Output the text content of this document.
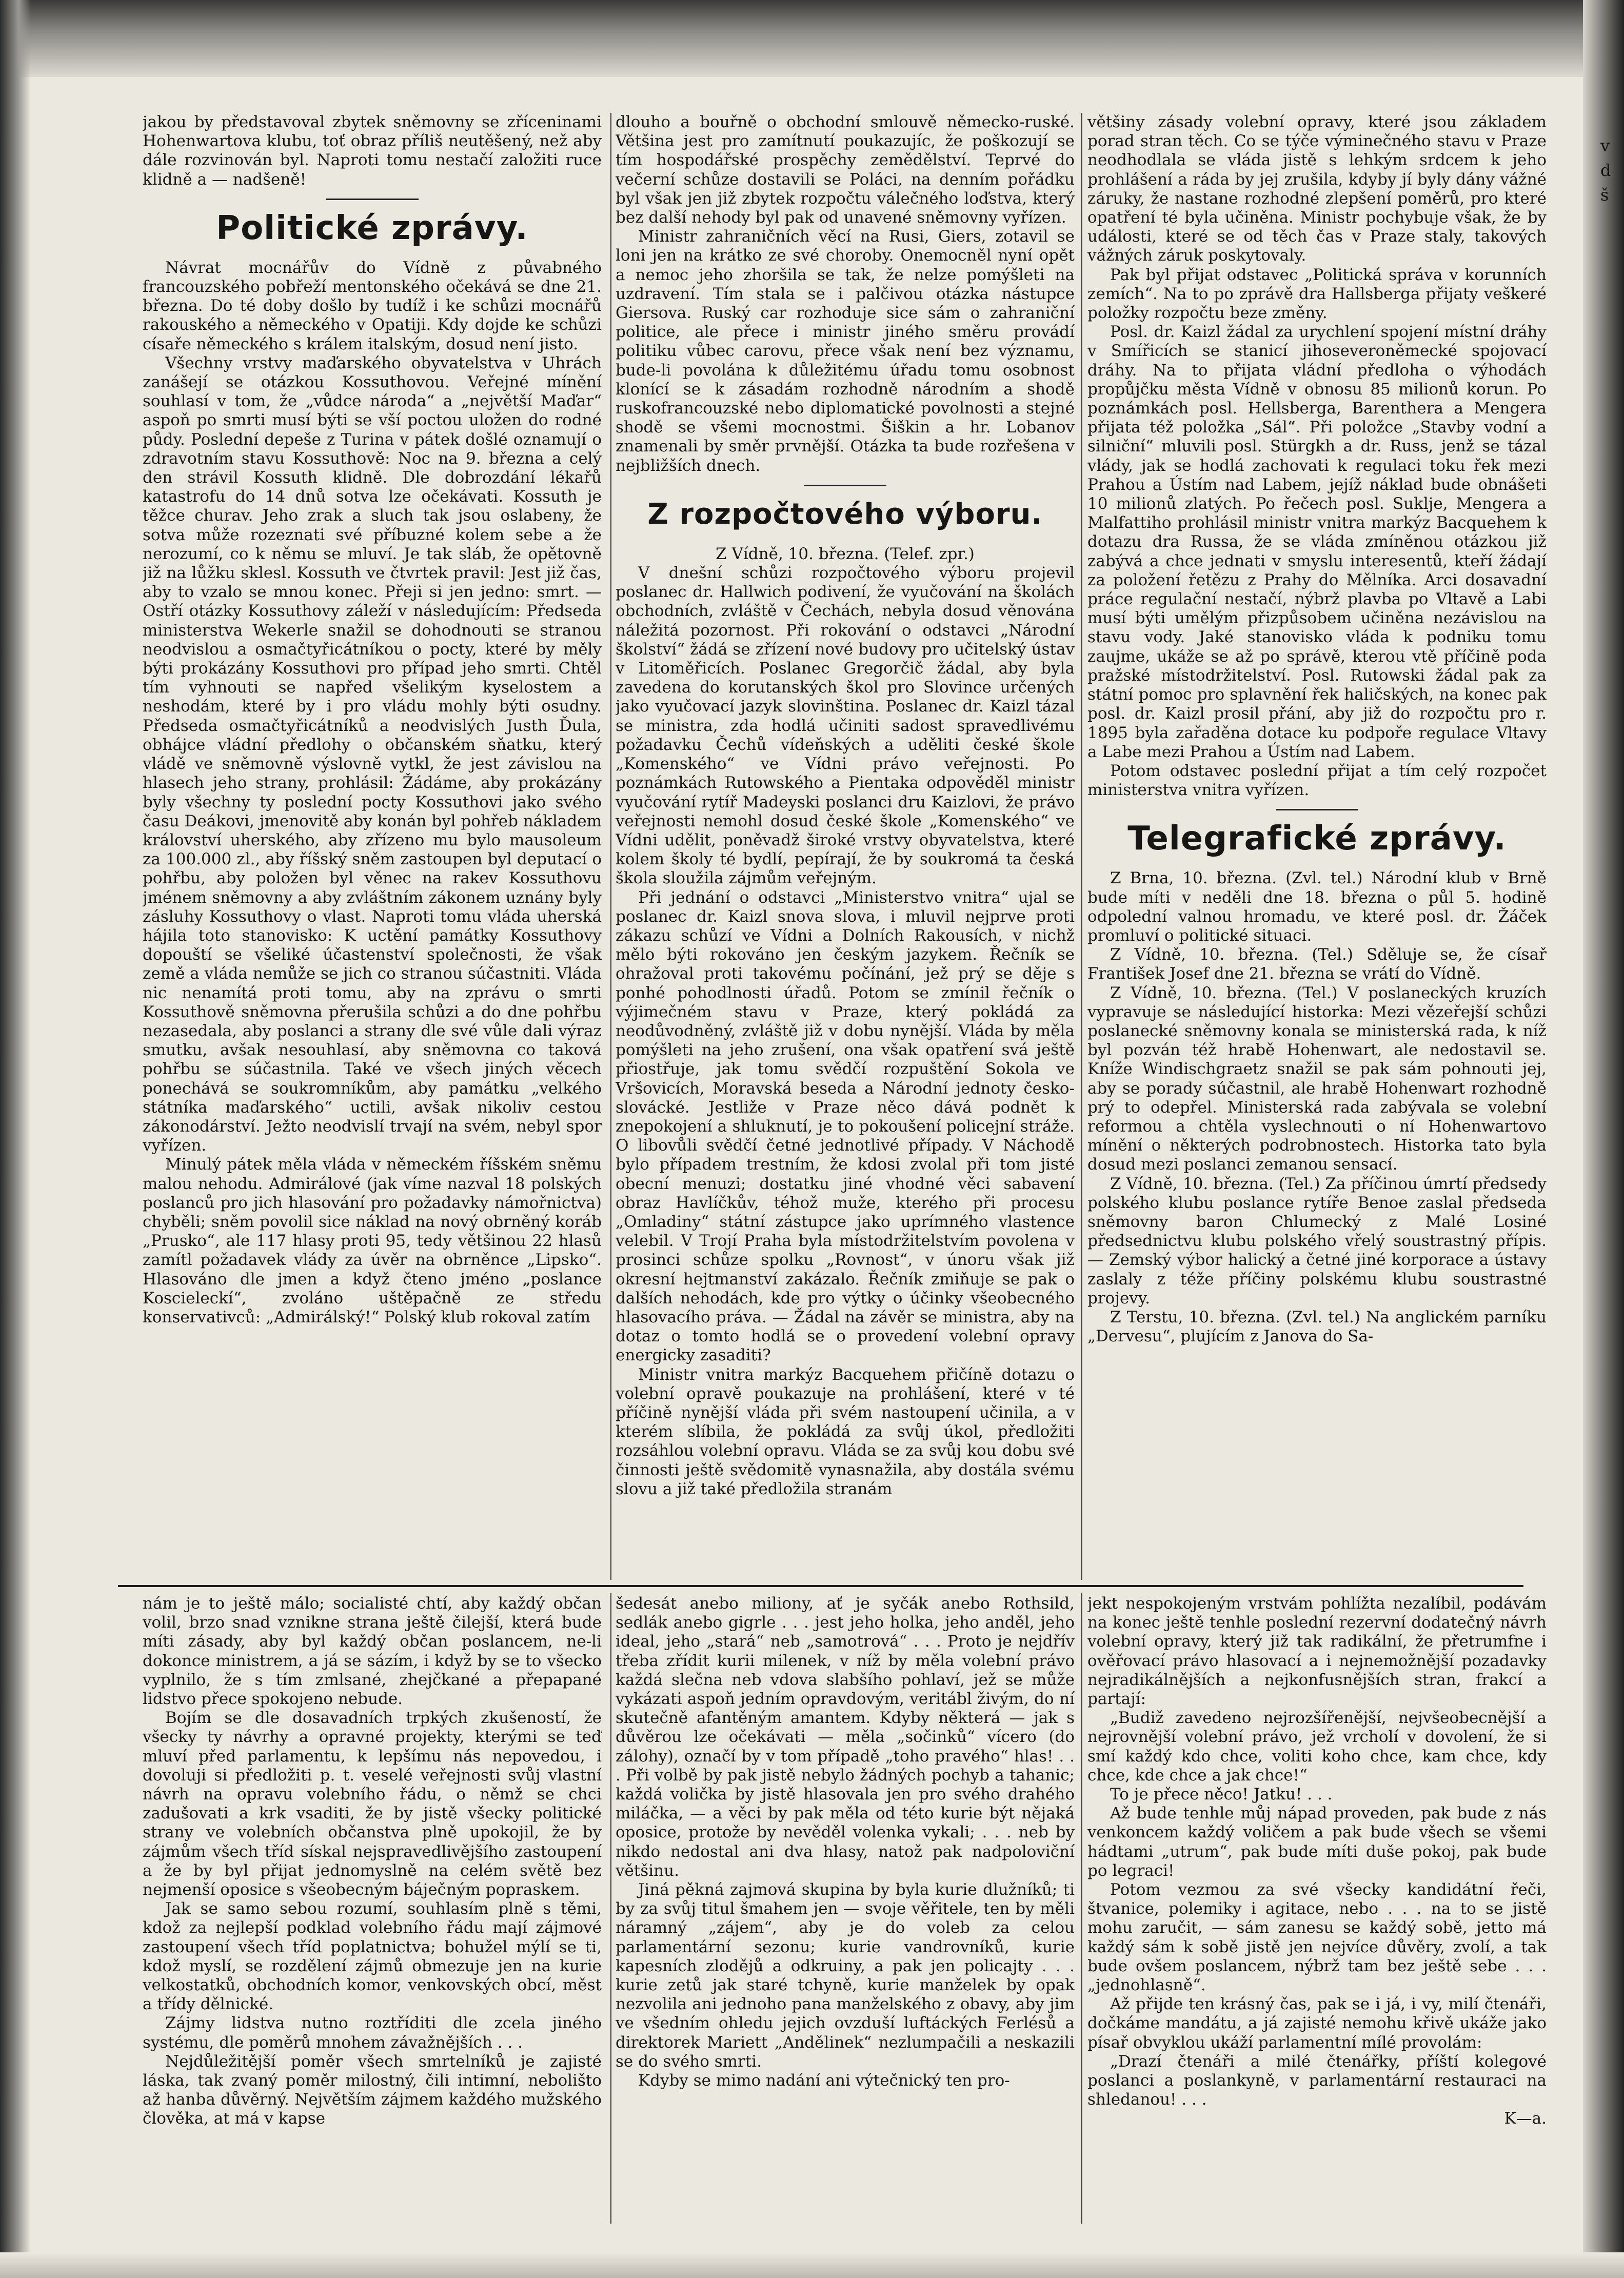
jakou by představoval zbytek sněmovny se zříceninami Hohenwartova klubu, toť obraz příliš neutěšený, než aby dále rozvinován byl. Naproti tomu nestačí založiti ruce klidně a — nadšeně!

Politické zprávy.

Návrat mocnářův do Vídně z půvabného francouzského pobřeží mentonského očekává se dne 21. března. Do té doby došlo by tudíž i ke schůzi mocnářů rakouského a německého v Opatiji. Kdy dojde ke schůzi císaře německého s králem italským, dosud není jisto.

Všechny vrstvy maďarského obyvatelstva v Uhrách zanášejí se otázkou Kossuthovou. Veřejné mínění souhlasí v tom, že „vůdce národa“ a „největší Maďar“ aspoň po smrti musí býti se vší poctou uložen do rodné půdy. Poslední depeše z Turina v pátek došlé oznamují o zdravotním stavu Kossuthově: Noc na 9. března a celý den strávil Kossuth klidně. Dle dobrozdání lékařů katastrofu do 14 dnů sotva lze očekávati. Kossuth je těžce churav. Jeho zrak a sluch tak jsou oslabeny, že sotva může rozeznati své příbuzné kolem sebe a že nerozumí, co k němu se mluví. Je tak sláb, že opětovně již na lůžku sklesl. Kossuth ve čtvrtek pravil: Jest již čas, aby to vzalo se mnou konec. Přeji si jen jedno: smrt. — Ostří otázky Kossuthovy záleží v následujícím: Předseda ministerstva Wekerle snažil se dohodnouti se stranou neodvislou a osmačtyřicátníkou o pocty, které by měly býti prokázány Kossuthovi pro případ jeho smrti. Chtěl tím vyhnouti se napřed všelikým kyselostem a neshodám, které by i pro vládu mohly býti osudny. Předseda osmačtyřicátníků a neodvislých Justh Ďula, obhájce vládní předlohy o občanském sňatku, který vládě ve sněmovně výslovně vytkl, že jest závislou na hlasech jeho strany, prohlásil: Žádáme, aby prokázány byly všechny ty poslední pocty Kossuthovi jako svého času Deákovi, jmenovitě aby konán byl pohřeb nákladem království uherského, aby zřízeno mu bylo mausoleum za 100.000 zl., aby říšský sněm zastoupen byl deputací o pohřbu, aby položen byl věnec na rakev Kossuthovu jménem sněmovny a aby zvláštním zákonem uznány byly zásluhy Kossuthovy o vlast. Naproti tomu vláda uherská hájila toto stanovisko: K uctění památky Kossuthovy dopouští se všeliké účastenství společnosti, že však země a vláda nemůže se jich co stranou súčastniti. Vláda nic nenamítá proti tomu, aby na zprávu o smrti Kossuthově sněmovna přerušila schůzi a do dne pohřbu nezasedala, aby poslanci a strany dle své vůle dali výraz smutku, avšak nesouhlasí, aby sněmovna co taková pohřbu se súčastnila. Také ve všech jiných věcech ponechává se soukromníkům, aby památku „velkého státníka maďarského“ uctili, avšak nikoliv cestou zákonodárství. Ježto neodvislí trvají na svém, nebyl spor vyřízen.

Minulý pátek měla vláda v německém říšském sněmu malou nehodu. Admirálové (jak víme nazval 18 polských poslanců pro jich hlasování pro požadavky námořnictva) chyběli; sněm povolil sice náklad na nový obrněný koráb „Prusko“, ale 117 hlasy proti 95, tedy většinou 22 hlasů zamítl požadavek vlády za úvěr na obrněnce „Lipsko“. Hlasováno dle jmen a když čteno jméno „poslance Koscieleckí“, zvoláno uštěpačně ze středu konservativců: „Admirálský!“ Polský klub rokoval zatím

dlouho a bouřně o obchodní smlouvě německo-ruské. Většina jest pro zamítnutí poukazujíc, že poškozují se tím hospodářské prospěchy zemědělství. Teprvé do večerní schůze dostavili se Poláci, na denním pořádku byl však jen již zbytek rozpočtu válečného loďstva, který bez další nehody byl pak od unavené sněmovny vyřízen.

Ministr zahraničních věcí na Rusi, Giers, zotavil se loni jen na krátko ze své choroby. Onemocněl nyní opět a nemoc jeho zhoršila se tak, že nelze pomýšleti na uzdravení. Tím stala se i palčivou otázka nástupce Giersova. Ruský car rozhoduje sice sám o zahraniční politice, ale přece i ministr jiného směru provádí politiku vůbec carovu, přece však není bez významu, bude-li povolána k důležitému úřadu tomu osobnost klonící se k zásadám rozhodně národním a shodě ruskofrancouzské nebo diplomatické povolnosti a stejné shodě se všemi mocnostmi. Šiškin a hr. Lobanov znamenali by směr prvnější. Otázka ta bude rozřešena v nejbližších dnech.

Z rozpočtového výboru.

Z Vídně, 10. března. (Telef. zpr.)

V dnešní schůzi rozpočtového výboru projevil poslanec dr. Hallwich podivení, že vyučování na školách obchodních, zvláště v Čechách, nebyla dosud věnována náležitá pozornost. Při rokování o odstavci „Národní školství“ žádá se zřízení nové budovy pro učitelský ústav v Litoměřicích. Poslanec Gregorčič žádal, aby byla zavedena do korutanských škol pro Slovince určených jako vyučovací jazyk slovinština. Poslanec dr. Kaizl tázal se ministra, zda hodlá učiniti sadost spravedlivému požadavku Čechů vídeňských a uděliti české škole „Komenského“ ve Vídni právo veřejnosti. Po poznámkách Rutowského a Pientaka odpověděl ministr vyučování rytíř Madeyski poslanci dru Kaizlovi, že právo veřejnosti nemohl dosud české škole „Komenského“ ve Vídni udělit, poněvadž široké vrstvy obyvatelstva, které kolem školy té bydlí, pepírají, že by soukromá ta česká škola sloužila zájmům veřejným.

Při jednání o odstavci „Ministerstvo vnitra“ ujal se poslanec dr. Kaizl snova slova, i mluvil nejprve proti zákazu schůzí ve Vídni a Dolních Rakousích, v nichž mělo býti rokováno jen českým jazykem. Řečník se ohražoval proti takovému počínání, jež prý se děje s ponhé pohodlnosti úřadů. Potom se zmínil řečník o výjimečném stavu v Praze, který pokládá za neodůvodněný, zvláště již v dobu nynější. Vláda by měla pomýšleti na jeho zrušení, ona však opatření svá ještě přiostřuje, jak tomu svědčí rozpuštění Sokola ve Vršovicích, Moravská beseda a Národní jednoty česko-slovácké. Jestliže v Praze něco dává podnět k znepokojení a shluknutí, je to pokoušení policejní stráže. O libovůli svědčí četné jednotlivé případy. V Náchodě bylo případem trestním, že kdosi zvolal při tom jisté obecní menuzi; dostatku jiné vhodné věci sabavení obraz Havlíčkův, téhož muže, kterého při procesu „Omladiny“ státní zástupce jako uprímného vlastence velebil. V Trojí Praha byla místodržitelstvím povolena v prosinci schůze spolku „Rovnost“, v únoru však již okresní hejtmanství zakázalo. Řečník zmiňuje se pak o dalších nehodách, kde pro výtky o účinky všeobecného hlasovacího práva. — Žádal na závěr se ministra, aby na dotaz o tomto hodlá se o provedení volební opravy energicky zasaditi?

Ministr vnitra markýz Bacquehem přičíně dotazu o volební opravě poukazuje na prohlášení, které v té příčině nynější vláda při svém nastoupení učinila, a v kterém slíbila, že pokládá za svůj úkol, předložiti rozsáhlou volební opravu. Vláda se za svůj kou dobu své činnosti ještě svědomitě vynasnažila, aby dostála svému slovu a již také předložila stranám

většiny zásady volební opravy, které jsou základem porad stran těch. Co se týče výminečného stavu v Praze neodhodlala se vláda jistě s lehkým srdcem k jeho prohlášení a ráda by jej zrušila, kdyby jí byly dány vážné záruky, že nastane rozhodné zlepšení poměrů, pro které opatření té byla učiněna. Ministr pochybuje však, že by události, které se od těch čas v Praze staly, takových vážných záruk poskytovaly.

Pak byl přijat odstavec „Politická správa v korunních zemích“. Na to po zprávě dra Hallsberga přijaty veškeré položky rozpočtu beze změny.

Posl. dr. Kaizl žádal za urychlení spojení místní dráhy v Smířicích se stanicí jihoseveroněmecké spojovací dráhy. Na to přijata vládní předloha o výhodách propůjčku města Vídně v obnosu 85 milionů korun. Po poznámkách posl. Hellsberga, Barentherа a Mengera přijata též položka „Sál“. Při položce „Stavby vodní a silniční“ mluvili posl. Stürgkh a dr. Russ, jenž se tázal vlády, jak se hodlá zachovati k regulaci toku řek mezi Prahou a Ústím nad Labem, jejíž náklad bude obnášeti 10 milionů zlatých. Po řečech posl. Suklje, Mengera a Malfattiho prohlásil ministr vnitra markýz Bacquehem k dotazu dra Russa, že se vláda zmíněnou otázkou již zabývá a chce jednati v smyslu interesentů, kteří žádají za položení řetězu z Prahy do Mělníka. Arci dosavadní práce regulační nestačí, nýbrž plavba po Vltavě a Labi musí býti umělým přizpůsobem učiněna nezávislou na stavu vody. Jaké stanovisko vláda k podniku tomu zaujme, ukáže se až po správě, kterou vtě příčině poda pražské místodržitelství. Posl. Rutowski žádal pak za státní pomoc pro splavnění řek haličských, na konec pak posl. dr. Kaizl prosil přání, aby již do rozpočtu pro r. 1895 byla zařaděna dotace ku podpoře regulace Vltavy a Labe mezi Prahou a Ústím nad Labem.

Potom odstavec poslední přijat a tím celý rozpočet ministerstva vnitra vyřízen.

Telegrafické zprávy.

Z Brna, 10. března. (Zvl. tel.) Národní klub v Brně bude míti v neděli dne 18. března o půl 5. hodině odpolední valnou hromadu, ve které posl. dr. Žáček promluví o politické situaci.

Z Vídně, 10. března. (Tel.) Sděluje se, že císař František Josef dne 21. března se vrátí do Vídně.

Z Vídně, 10. března. (Tel.) V poslaneckých kruzích vypravuje se následující historka: Mezi vězeřejší schůzi poslanecké sněmovny konala se ministerská rada, k níž byl pozván též hrabě Hohenwart, ale nedostavil se. Kníže Windischgraetz snažil se pak sám pohnouti jej, aby se porady súčastnil, ale hrabě Hohenwart rozhodně prý to odepřel. Ministerská rada zabývala se volební reformou a chtěla vyslechnouti o ní Hohenwartovo mínění o některých podrobnostech. Historka tato byla dosud mezi poslanci zemanou sensací.

Z Vídně, 10. března. (Tel.) Za příčinou úmrtí předsedy polského klubu poslance rytíře Benoe zaslal předseda sněmovny baron Chlumecký z Malé Losiné předsednictvu klubu polského vřelý soustrastný přípis. — Zemský výbor halický a četné jiné korporace a ústavy zaslaly z téže příčiny polskému klubu soustrastné projevy.

Z Terstu, 10. března. (Zvl. tel.) Na anglickém parníku „Dervesu“, plujícím z Janova do Sa-

nám je to ještě málo; socialisté chtí, aby každý občan volil, brzo snad vznikne strana ještě čilejší, která bude míti zásady, aby byl každý občan poslancem, ne-li dokonce ministrem, a já se sázím, i když by se to všecko vyplnilo, že s tím zmlsané, zhejčkané a přepapané lidstvo přece spokojeno nebude.

Bojím se dle dosavadních trpkých zkušeností, že všecky ty návrhy a opravné projekty, kterými se teď mluví před parlamentu, k lepšímu nás nepovedou, i dovoluji si předložiti p. t. veselé veřejnosti svůj vlastní návrh na opravu volebního řádu, o němž se chci zadušovati a krk vsaditi, že by jistě všecky politické strany ve volebních občanstva plně upokojil, že by zájmům všech tříd sískal nejspravedlivějšího zastoupení a že by byl přijat jednomyslně na celém světě bez nejmenší oposice s všeobecným báječným popraskem.

Jak se samo sebou rozumí, souhlasím plně s těmi, kdož za nejlepší podklad volebního řádu mají zájmové zastoupení všech tříd poplatnictva; bohužel mýlí se ti, kdož myslí, se rozdělení zájmů obmezuje jen na kurie velkostatků, obchodních komor, venkovských obcí, měst a třídy dělnické.

Zájmy lidstva nutno roztříditi dle zcela jiného systému, dle poměrů mnohem závažnějších . . .

Nejdůležitější poměr všech smrtelníků je zajisté láska, tak zvaný poměr milostný, čili intimní, nebolišto až hanba důvěrný. Největším zájmem každého mužského člověka, at má v kapse

šedesát anebo miliony, ať je syčák anebo Rothsild, sedlák anebo gigrle . . . jest jeho holka, jeho anděl, jeho ideal, jeho „stará“ neb „samotrová“ . . . Proto je nejdřív třeba zřídit kurii milenek, v níž by měla volební právo každá slečna neb vdova slabšího pohlaví, jež se může vykázati aspoň jedním opravdovým, veritábl živým, do ní skutečně afantěným amantem. Kdyby některá — jak s důvěrou lze očekávati — měla „sočinků“ vícero (do zálohy), označí by v tom případě „toho pravého“ hlas! . . . Při volbě by pak jistě nebylo žádných pochyb a tahanic; každá volička by jistě hlasovala jen pro svého drahého miláčka, — a věci by pak měla od této kurie být nějaká oposice, protože by nevěděl volenka vykali; . . . neb by nikdo nedostal ani dva hlasy, natož pak nadpoloviční většinu.

Jiná pěkná zajmová skupina by byla kurie dlužníků; ti by za svůj titul šmahem jen — svoje věřitele, ten by měli náramný „zájem“, aby je do voleb za celou parlamentární sezonu; kurie vandrovníků, kurie kapesních zlodějů a odkruiny, a pak jen policajty . . . kurie zetů jak staré tchyně, kurie manželek by opak nezvolila ani jednoho pana manželského z obavy, aby jim ve všedním ohledu jejich ovzduší luftáckých Ferlésů a direktorek Mariett „Andělinek“ nezlumpačili a neskazili se do svého smrti.

Kdyby se mimo nadání ani výtečnický ten pro-

jekt nespokojeným vrstvám pohlížta nezalíbil, podávám na konec ještě tenhle poslední rezervní dodatečný návrh volební opravy, který již tak radikální, že přetrumfne i ověřovací právo hlasovací a i nejnemožnější pozadavky nejradikálnějších a nejkonfusnějších stran, frakcí a partají:

„Budiž zavedeno nejrozšířenější, nejvšeobecnější a nejrovnější volební právo, jež vrcholí v dovolení, že si smí každý kdo chce, voliti koho chce, kam chce, kdy chce, kde chce a jak chce!“

To je přece něco! Jatku! . . .

Až bude tenhle můj nápad proveden, pak bude z nás venkoncem každý voličem a pak bude všech se všemi hádtami „utrum“, pak bude míti duše pokoj, pak bude po legraci!

Potom vezmou za své všecky kandidátní řeči, štvanice, polemiky i agitace, nebo . . . na to se jistě mohu zaručit, — sám zanesu se každý sobě, jetto má každý sám k sobě jistě jen nejvíce důvěry, zvolí, a tak bude ovšem poslancem, nýbrž tam bez ještě sebe . . . „jednohlasně“.

Až přijde ten krásný čas, pak se i já, i vy, milí čtenáři, dočkáme mandátu, a já zajisté nemohu křivě ukáže jako písař obvyklou ukáží parlamentní mílé provolám:

„Drazí čtenáři a milé čtenářky, příští kolegové poslanci a poslankyně, v parlamentární restauraci na shledanou! . . .

K—a.

v d š
